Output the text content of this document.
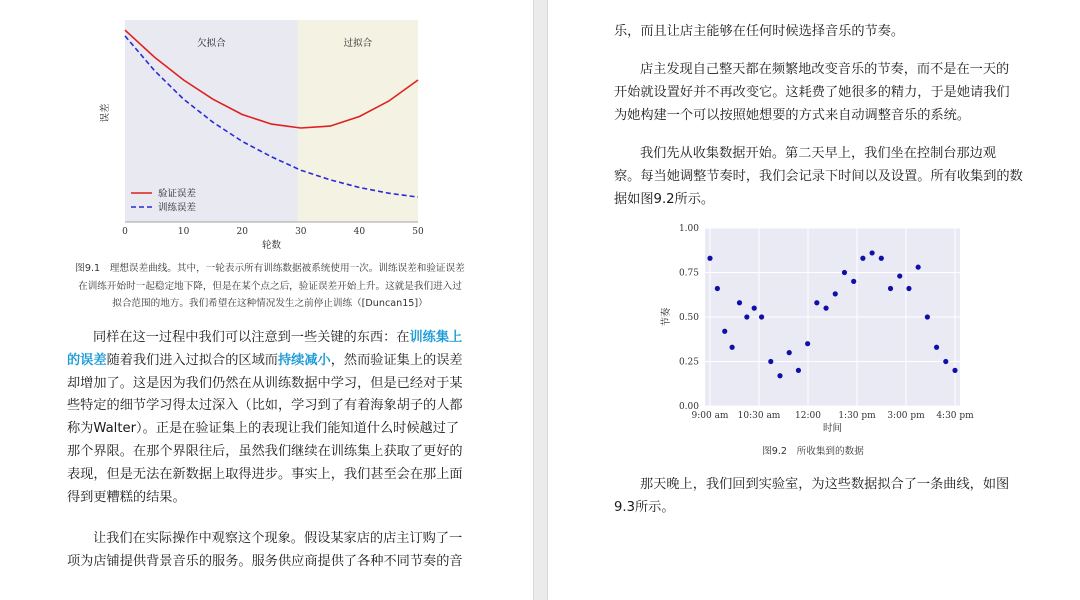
欠拟合	过拟合
0	10	20	30	40	50
轮数
误差
验证误差
训练误差
图9.1　理想误差曲线。其中，一轮表示所有训练数据被系统使用一次。训练误差和验证误差
在训练开始时一起稳定地下降，但是在某个点之后，验证误差开始上升。这就是我们进入过
拟合范围的地方。我们希望在这种情况发生之前停止训练（[Duncan15]）
同样在这一过程中我们可以注意到一些关键的东西：在训练集上
的误差随着我们进入过拟合的区域而持续减小，然而验证集上的误差
却增加了。这是因为我们仍然在从训练数据中学习，但是已经对于某
些特定的细节学习得太过深入（比如，学习到了有着海象胡子的人都
称为Walter）。正是在验证集上的表现让我们能知道什么时候越过了
那个界限。在那个界限往后，虽然我们继续在训练集上获取了更好的
表现，但是无法在新数据上取得进步。事实上，我们甚至会在那上面
得到更糟糕的结果。
让我们在实际操作中观察这个现象。假设某家店的店主订购了一
项为店铺提供背景音乐的服务。服务供应商提供了各种不同节奏的音
乐，而且让店主能够在任何时候选择音乐的节奏。
店主发现自己整天都在频繁地改变音乐的节奏，而不是在一天的
开始就设置好并不再改变它。这耗费了她很多的精力，于是她请我们
为她构建一个可以按照她想要的方式来自动调整音乐的系统。
我们先从收集数据开始。第二天早上，我们坐在控制台那边观
察。每当她调整节奏时，我们会记录下时间以及设置。所有收集到的数
据如图9.2所示。
0.00
0.25
0.50
0.75
1.00
9:00 am 10:30 am 12:00 1:30 pm 3:00 pm 4:30 pm
时间
节奏
图9.2　所收集到的数据
那天晚上，我们回到实验室，为这些数据拟合了一条曲线，如图
9.3所示。
